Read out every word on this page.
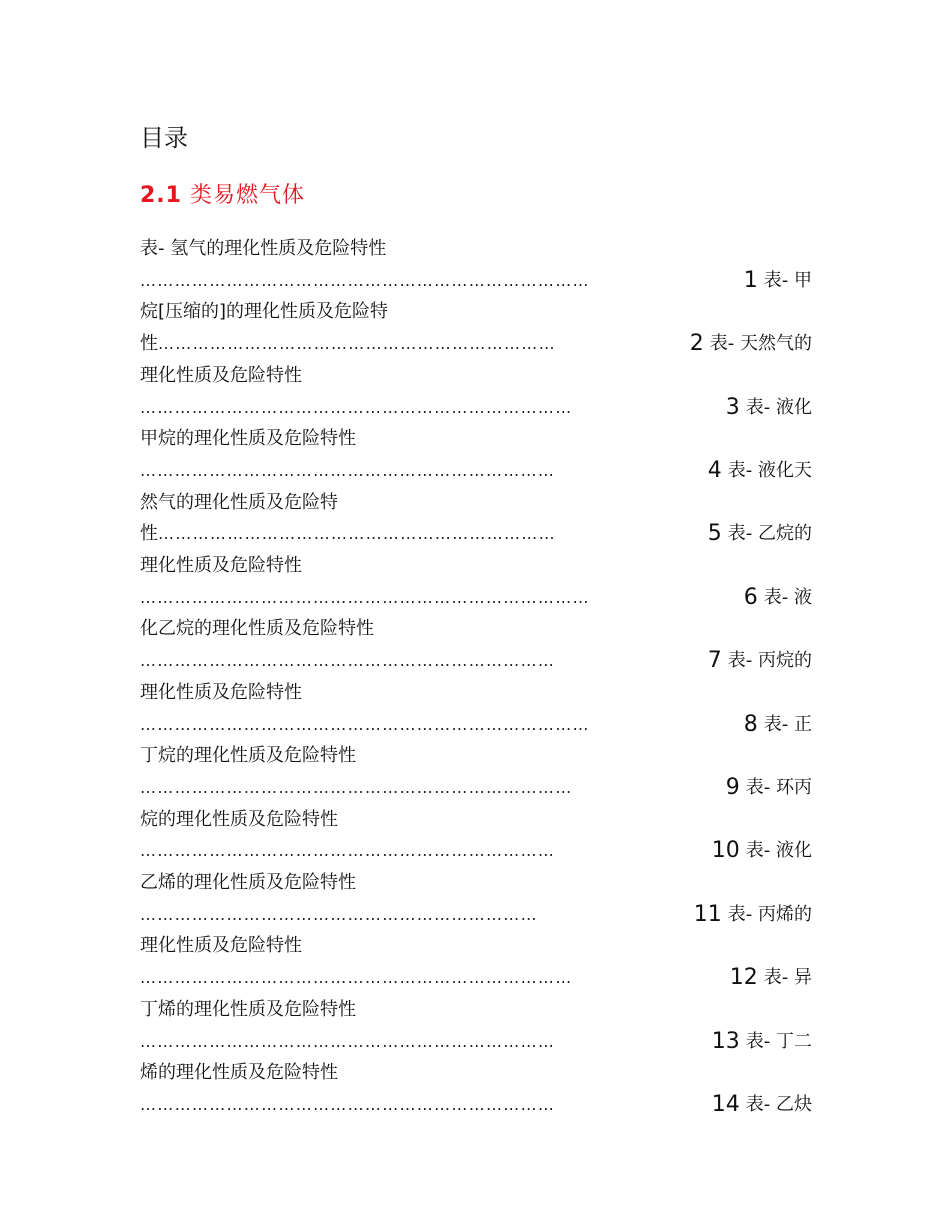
目录
2.1 类易燃气体
表- 氢气的理化性质及危险特性
……………………………………………………………………	1 表- 甲
烷[压缩的]的理化性质及危险特
性……………………………………………………………	2 表- 天然气的
理化性质及危险特性
…………………………………………………………………	3 表- 液化
甲烷的理化性质及危险特性
………………………………………………………………	4 表- 液化天
然气的理化性质及危险特
性……………………………………………………………	5 表- 乙烷的
理化性质及危险特性
……………………………………………………………………	6 表- 液
化乙烷的理化性质及危险特性
………………………………………………………………	7 表- 丙烷的
理化性质及危险特性
……………………………………………………………………	8 表- 正
丁烷的理化性质及危险特性
…………………………………………………………………	9 表- 环丙
烷的理化性质及危险特性
………………………………………………………………	10 表- 液化
乙烯的理化性质及危险特性
……………………………………………………………	11 表- 丙烯的
理化性质及危险特性
…………………………………………………………………	12 表- 异
丁烯的理化性质及危险特性
………………………………………………………………	13 表- 丁二
烯的理化性质及危险特性
………………………………………………………………	14 表- 乙炔
